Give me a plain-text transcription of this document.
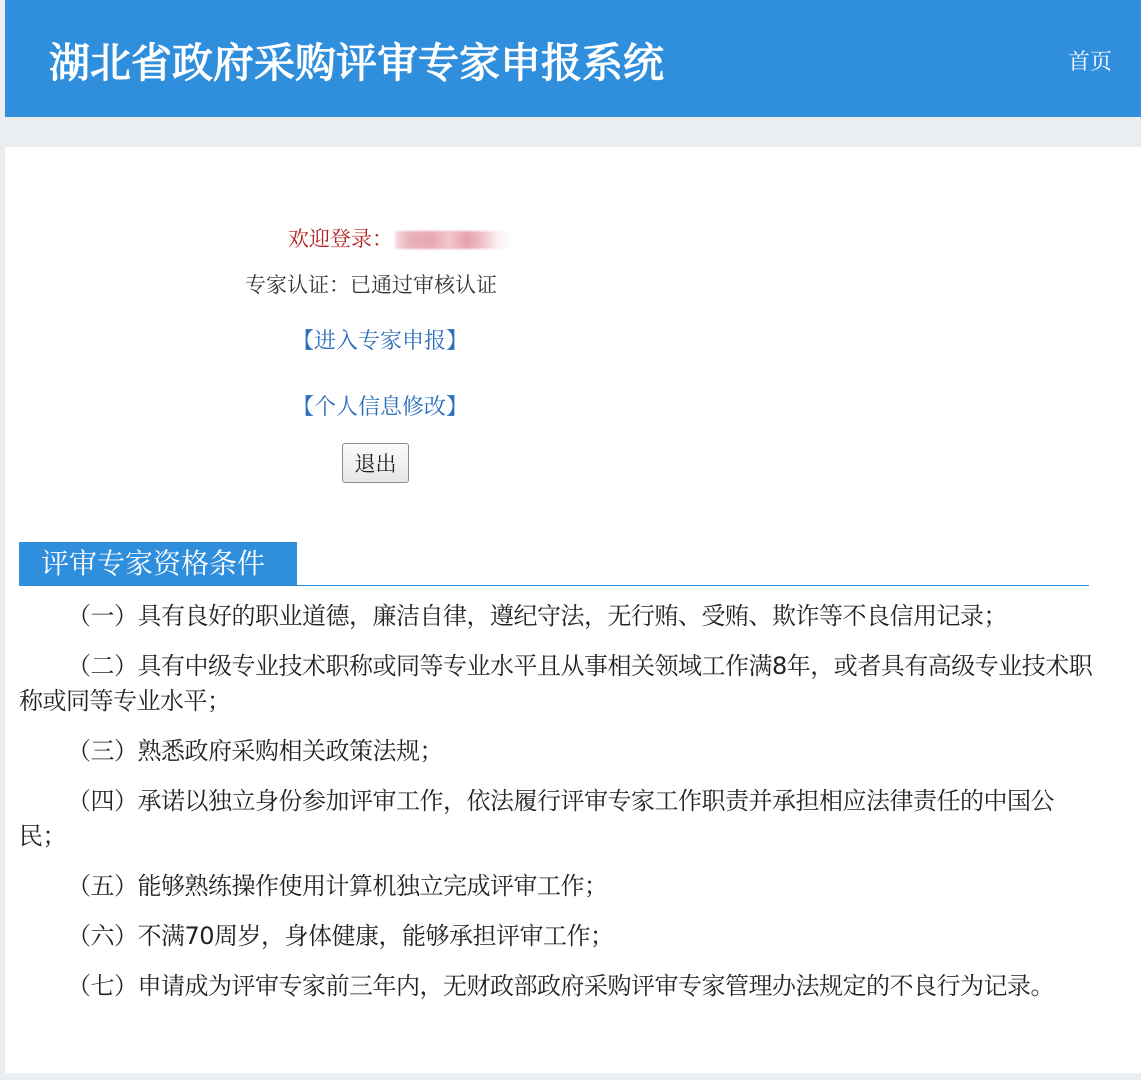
湖北省政府采购评审专家申报系统	首页
欢迎登录：
专家认证：已通过审核认证
【进入专家申报】
【个人信息修改】
退出
评审专家资格条件

（一）具有良好的职业道德，廉洁自律，遵纪守法，无行贿、受贿、欺诈等不良信用记录；

（二）具有中级专业技术职称或同等专业水平且从事相关领域工作满8年，或者具有高级专业技术职称或同等专业水平；

（三）熟悉政府采购相关政策法规；

（四）承诺以独立身份参加评审工作，依法履行评审专家工作职责并承担相应法律责任的中国公民；

（五）能够熟练操作使用计算机独立完成评审工作；

（六）不满70周岁，身体健康，能够承担评审工作；

（七）申请成为评审专家前三年内，无财政部政府采购评审专家管理办法规定的不良行为记录。
